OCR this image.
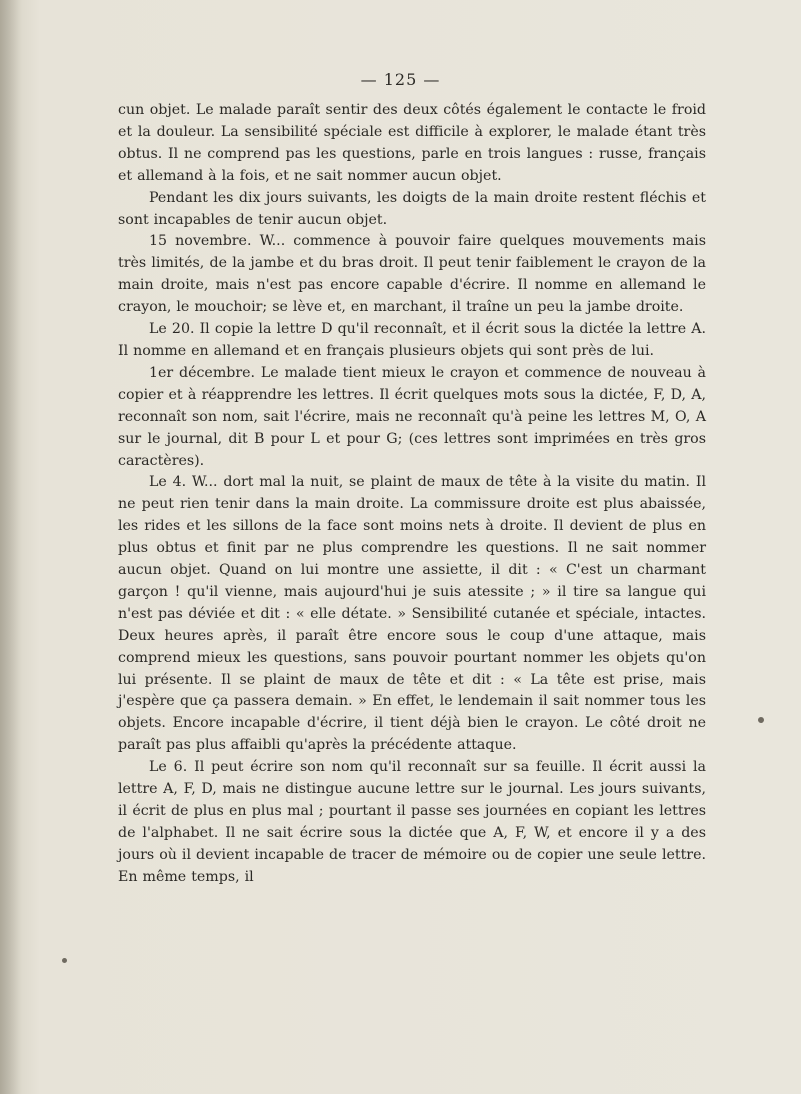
— 125 —

cun objet. Le malade paraît sentir des deux côtés également le contacte le froid et la douleur. La sensibilité spéciale est difficile à explorer, le malade étant très obtus. Il ne comprend pas les questions, parle en trois langues : russe, français et allemand à la fois, et ne sait nommer aucun objet.

Pendant les dix jours suivants, les doigts de la main droite restent fléchis et sont incapables de tenir aucun objet.

15 novembre. W... commence à pouvoir faire quelques mouvements mais très limités, de la jambe et du bras droit. Il peut tenir faiblement le crayon de la main droite, mais n'est pas encore capable d'écrire. Il nomme en allemand le crayon, le mouchoir; se lève et, en marchant, il traîne un peu la jambe droite.

Le 20. Il copie la lettre D qu'il reconnaît, et il écrit sous la dictée la lettre A. Il nomme en allemand et en français plusieurs objets qui sont près de lui.

1er décembre. Le malade tient mieux le crayon et commence de nouveau à copier et à réapprendre les lettres. Il écrit quelques mots sous la dictée, F, D, A, reconnaît son nom, sait l'écrire, mais ne reconnaît qu'à peine les lettres M, O, A sur le journal, dit B pour L et pour G; (ces lettres sont imprimées en très gros caractères).

Le 4. W... dort mal la nuit, se plaint de maux de tête à la visite du matin. Il ne peut rien tenir dans la main droite. La commissure droite est plus abaissée, les rides et les sillons de la face sont moins nets à droite. Il devient de plus en plus obtus et finit par ne plus comprendre les questions. Il ne sait nommer aucun objet. Quand on lui montre une assiette, il dit : « C'est un charmant garçon ! qu'il vienne, mais aujourd'hui je suis atessite ; » il tire sa langue qui n'est pas déviée et dit : « elle détate. » Sensibilité cutanée et spéciale, intactes. Deux heures après, il paraît être encore sous le coup d'une attaque, mais comprend mieux les questions, sans pouvoir pourtant nommer les objets qu'on lui présente. Il se plaint de maux de tête et dit : « La tête est prise, mais j'espère que ça passera demain. » En effet, le lendemain il sait nommer tous les objets. Encore incapable d'écrire, il tient déjà bien le crayon. Le côté droit ne paraît pas plus affaibli qu'après la précédente attaque.

Le 6. Il peut écrire son nom qu'il reconnaît sur sa feuille. Il écrit aussi la lettre A, F, D, mais ne distingue aucune lettre sur le journal. Les jours suivants, il écrit de plus en plus mal ; pourtant il passe ses journées en copiant les lettres de l'alphabet. Il ne sait écrire sous la dictée que A, F, W, et encore il y a des jours où il devient incapable de tracer de mémoire ou de copier une seule lettre. En même temps, il
